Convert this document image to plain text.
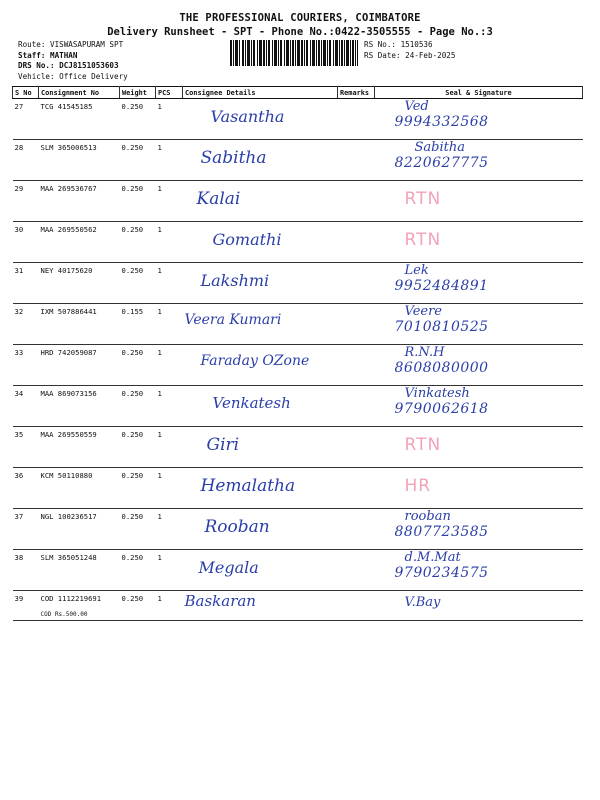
THE PROFESSIONAL COURIERS, COIMBATORE
Delivery Runsheet - SPT - Phone No.:0422-3505555 - Page No.:3
Route: VISWASAPURAM SPT
Staff: MATHAN
DRS No.: DCJ8151053603
Vehicle: Office Delivery
RS No.: 1510536
RS Date: 24-Feb-2025
S No	Consignment No	Weight	PCS	Consignee Details	Remarks	Seal & Signature
27	TCG 41545185	0.250	1	Vasantha		Ved
9994332568

28	SLM 365006513	0.250	1	Sabitha		Sabitha
8220627775

29	MAA 269536767	0.250	1	Kalai		RTN

30	MAA 269550562	0.250	1	Gomathi		RTN

31	NEY 40175620	0.250	1	Lakshmi		Lek
9952484891

32	IXM 507886441	0.155	1	Veera Kumari		Veere
7010810525

33	HRD 742059087	0.250	1	Faraday OZone		R.N.H
8608080000

34	MAA 869073156	0.250	1	Venkatesh		Vinkatesh
9790062618

35	MAA 269550559	0.250	1	Giri		RTN

36	KCM 50110880	0.250	1	Hemalatha		HR

37	NGL 100236517	0.250	1	Rooban		rooban
8807723585

38	SLM 365051248	0.250	1	Megala		d.M.Mat
9790234575

39	COD 1112219691
COD Rs.500.00	0.250	1	Baskaran		V.Bay
